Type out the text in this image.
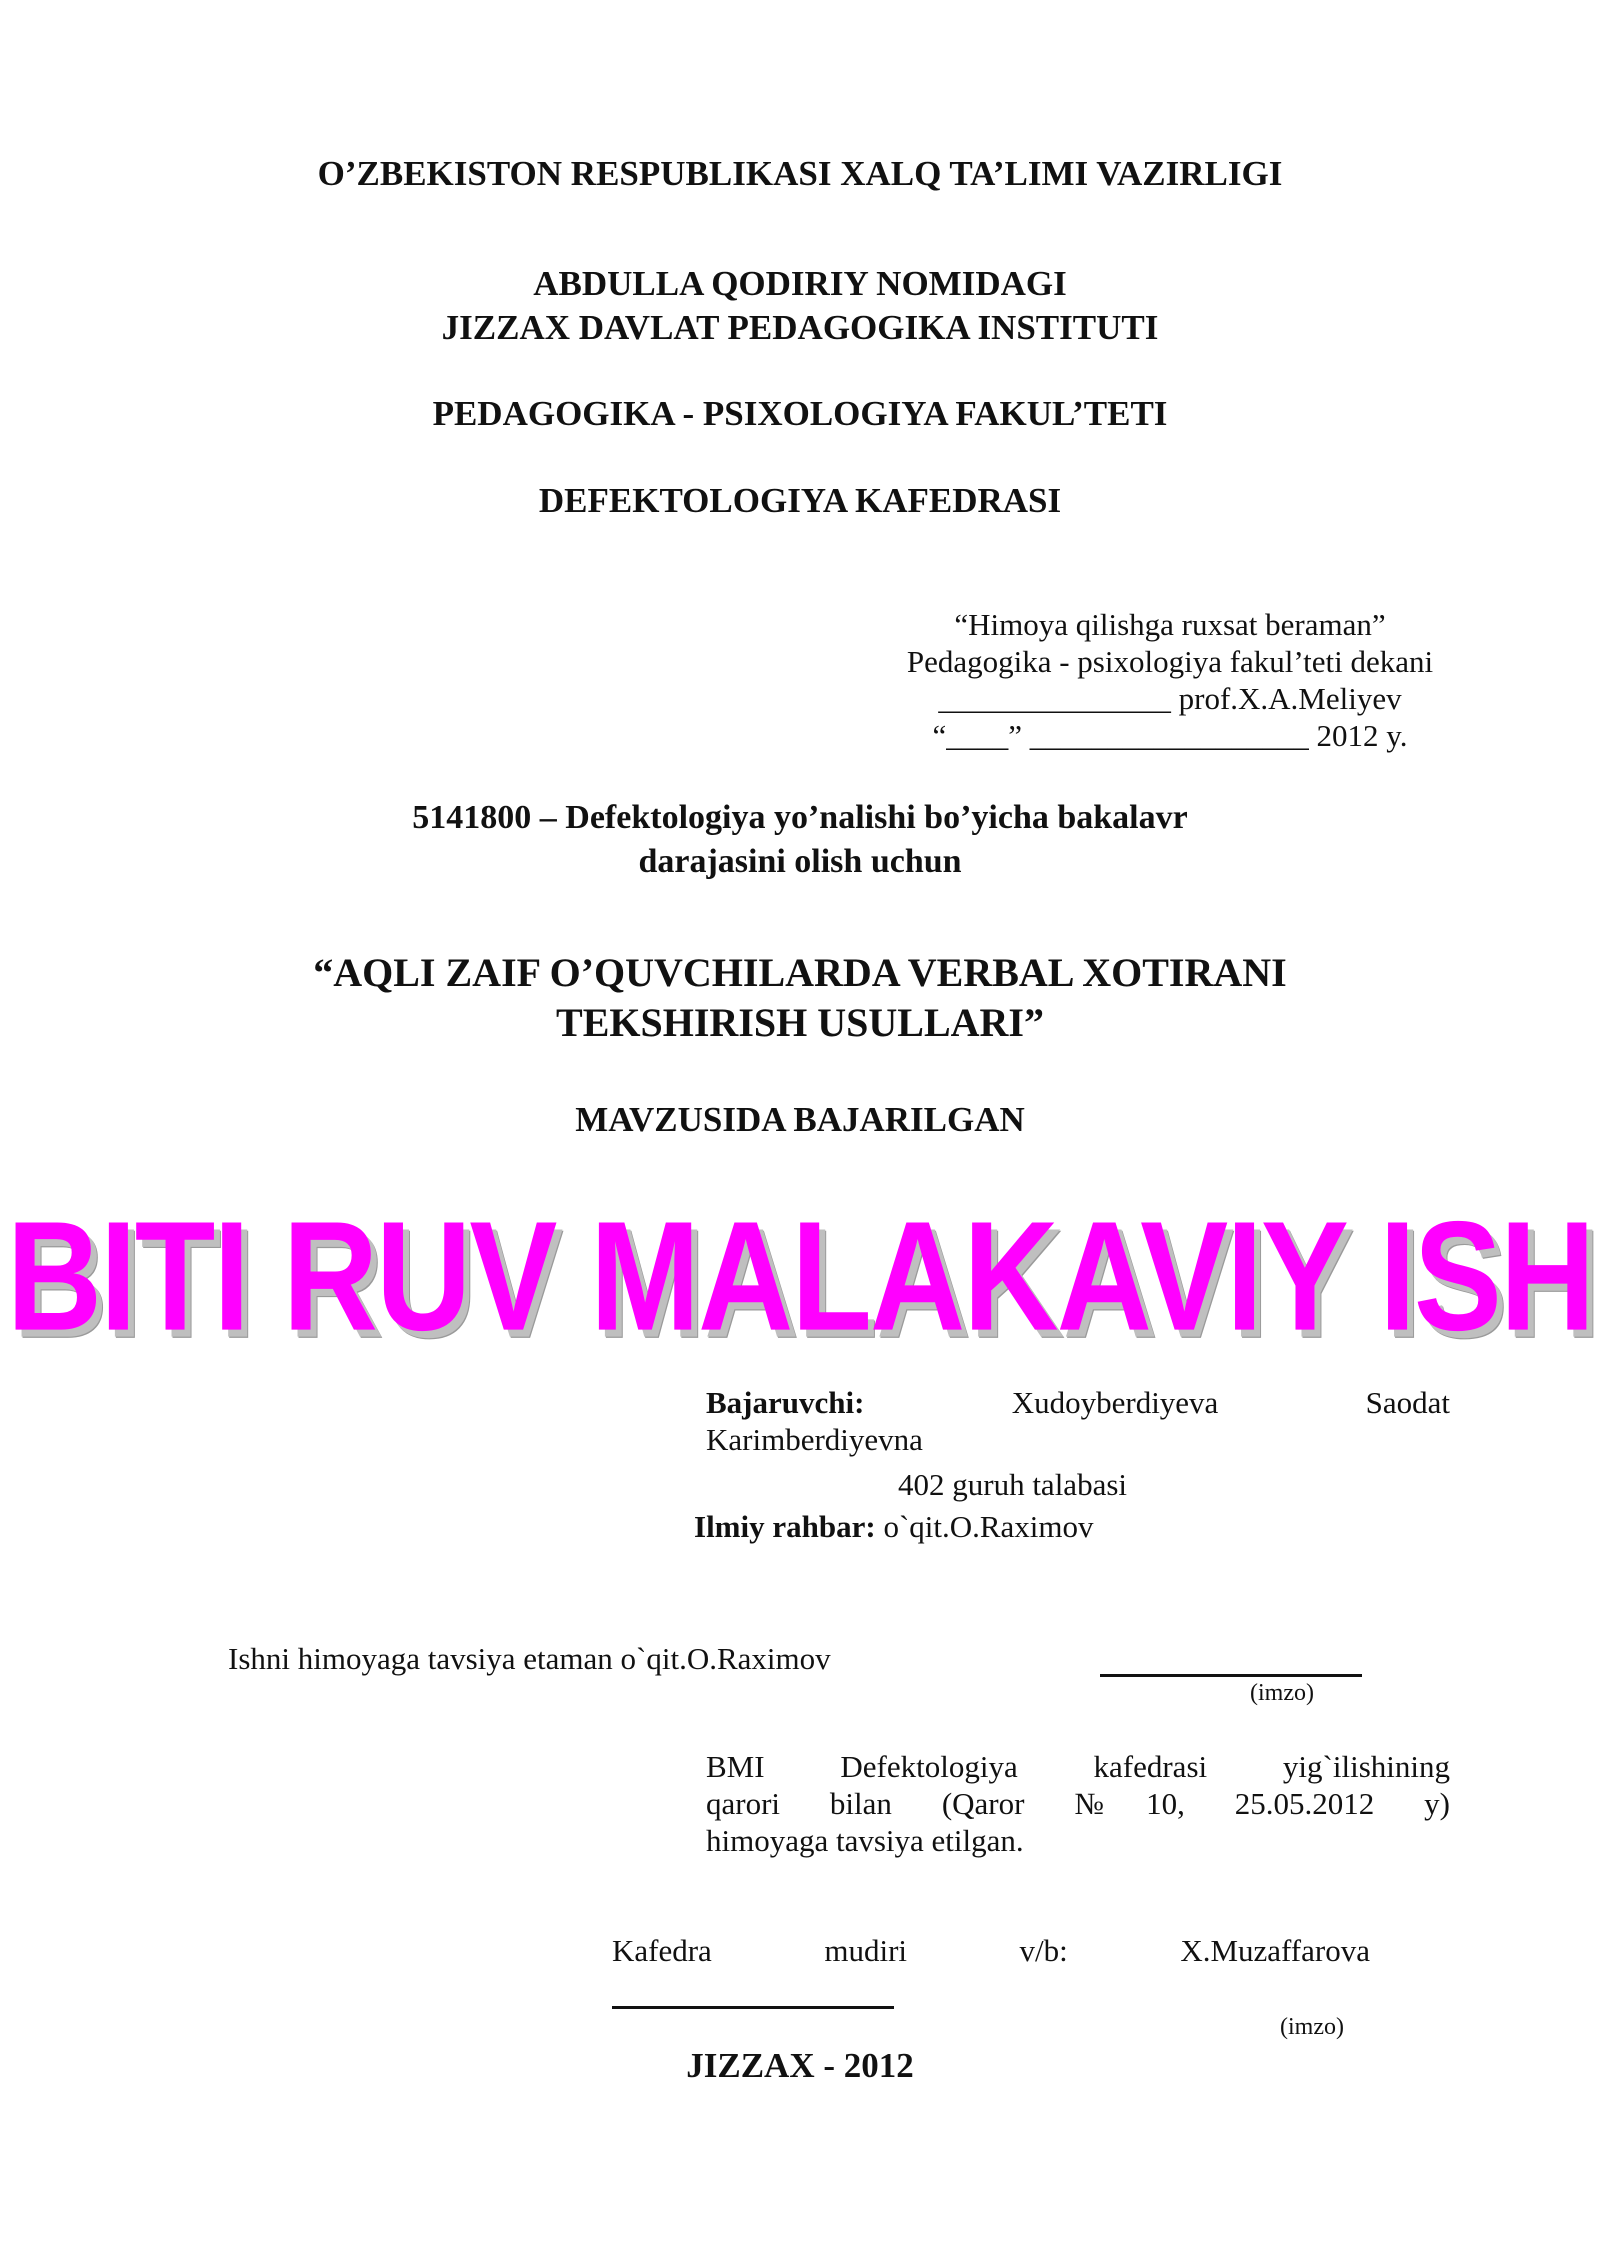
O’ZBEKISTON RESPUBLIKASI XALQ TA’LIMI VAZIRLIGI
ABDULLA QODIRIY NOMIDAGI
JIZZAX DAVLAT PEDAGOGIKA INSTITUTI
PEDAGOGIKA - PSIXOLOGIYA FAKUL’TETI
DEFEKTOLOGIYA KAFEDRASI
“Himoya qilishga ruxsat beraman”
Pedagogika - psixologiya fakul’teti dekani
_______________ prof.X.A.Meliyev
“____” __________________ 2012 y.
5141800 – Defektologiya yo’nalishi bo’yicha bakalavr
darajasini olish uchun
“AQLI ZAIF O’QUVCHILARDA VERBAL XOTIRANI
TEKSHIRISH USULLARI”
MAVZUSIDA BAJARILGAN
BITI RUV MALAKAVIY ISH
Bajaruvchi:	Xudoyberdiyeva	Saodat
Karimberdiyevna
402 guruh talabasi
Ilmiy rahbar: o`qit.O.Raximov
Ishni himoyaga tavsiya etaman o`qit.O.Raximov
(imzo)
BMI Defektologiya kafedrasi yig`ilishining
qarori bilan (Qaror №10, 25.05.2012 y)
himoyaga tavsiya etilgan.
Kafedra	mudiri	v/b:	X.Muzaffarova
(imzo)
JIZZAX - 2012
